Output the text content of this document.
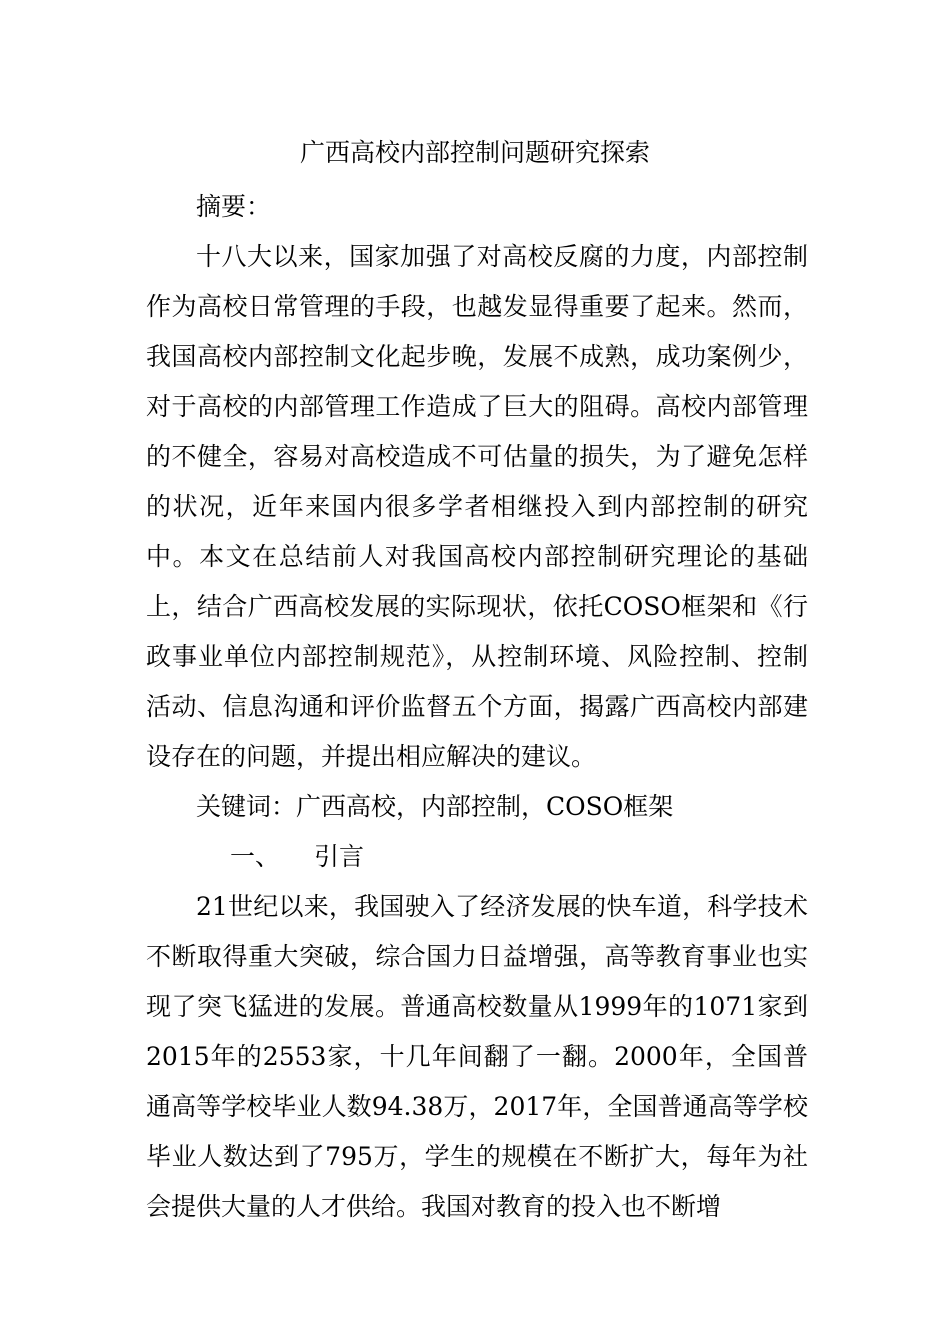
广西高校内部控制问题研究探索

摘要：

十八大以来，国家加强了对高校反腐的力度，内部控制作为高校日常管理的手段，也越发显得重要了起来。然而，我国高校内部控制文化起步晚，发展不成熟，成功案例少，对于高校的内部管理工作造成了巨大的阻碍。高校内部管理的不健全，容易对高校造成不可估量的损失，为了避免怎样的状况，近年来国内很多学者相继投入到内部控制的研究中。本文在总结前人对我国高校内部控制研究理论的基础上，结合广西高校发展的实际现状，依托COSO框架和《行政事业单位内部控制规范》，从控制环境、风险控制、控制活动、信息沟通和评价监督五个方面，揭露广西高校内部建设存在的问题，并提出相应解决的建议。

关键词：广西高校，内部控制，COSO框架

一、 引言

21世纪以来，我国驶入了经济发展的快车道，科学技术不断取得重大突破，综合国力日益增强，高等教育事业也实现了突飞猛进的发展。普通高校数量从1999年的1071家到2015年的2553家，十几年间翻了一翻。2000年，全国普通高等学校毕业人数94.38万，2017年，全国普通高等学校毕业人数达到了795万，学生的规模在不断扩大，每年为社会提供大量的人才供给。我国对教育的投入也不断增
